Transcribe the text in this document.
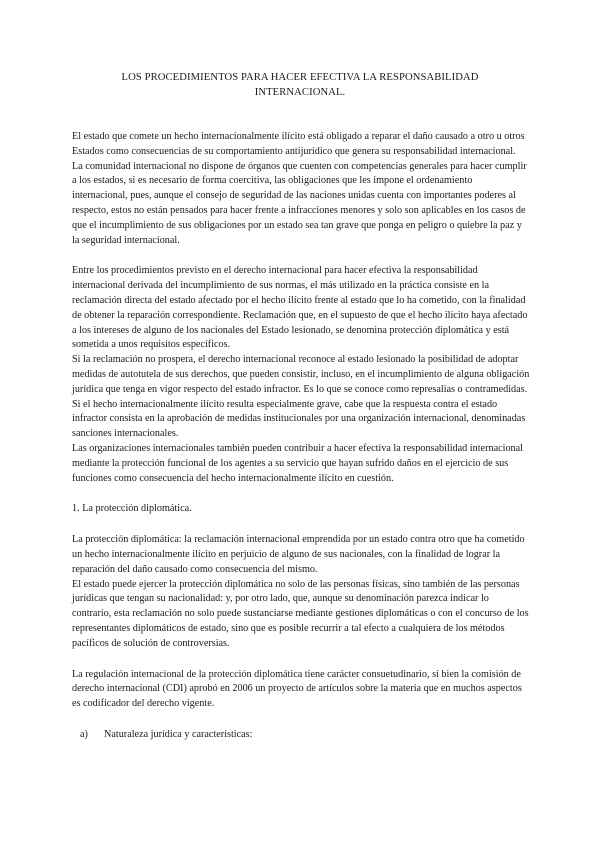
LOS PROCEDIMIENTOS PARA HACER EFECTIVA LA RESPONSABILIDAD
INTERNACIONAL.

El estado que comete un hecho internacionalmente ilícito está obligado a reparar el daño causado a otro u otros Estados como consecuencias de su comportamiento antijurídico que genera su responsabilidad internacional.

La comunidad internacional no dispone de órganos que cuenten con competencias generales para hacer cumplir a los estados, si es necesario de forma coercitiva, las obligaciones que les impone el ordenamiento internacional, pues, aunque el consejo de seguridad de las naciones unidas cuenta con importantes poderes al respecto, estos no están pensados para hacer frente a infracciones menores y solo son aplicables en los casos de que el incumplimiento de sus obligaciones por un estado sea tan grave que ponga en peligro o quiebre la paz y la seguridad internacional.

Entre los procedimientos previsto en el derecho internacional para hacer efectiva la responsabilidad internacional derivada del incumplimiento de sus normas, el más utilizado en la práctica consiste en la reclamación directa del estado afectado por el hecho ilícito frente al estado que lo ha cometido, con la finalidad de obtener la reparación correspondiente. Reclamación que, en el supuesto de que el hecho ilícito haya afectado a los intereses de alguno de los nacionales del Estado lesionado, se denomina protección diplomática y está sometida a unos requisitos específicos.

Si la reclamación no prospera, el derecho internacional reconoce al estado lesionado la posibilidad de adoptar medidas de autotutela de sus derechos, que pueden consistir, incluso, en el incumplimiento de alguna obligación jurídica que tenga en vigor respecto del estado infractor. Es lo que se conoce como represalias o contramedidas.

Si el hecho internacionalmente ilícito resulta especialmente grave, cabe que la respuesta contra el estado infractor consista en la aprobación de medidas institucionales por una organización internacional, denominadas sanciones internacionales.

Las organizaciones internacionales también pueden contribuir a hacer efectiva la responsabilidad internacional mediante la protección funcional de los agentes a su servicio que hayan sufrido daños en el ejercicio de sus funciones como consecuencia del hecho internacionalmente ilícito en cuestión.

1. La protección diplomática.

La protección diplomática: la reclamación internacional emprendida por un estado contra otro que ha cometido un hecho internacionalmente ilícito en perjuicio de alguno de sus nacionales, con la finalidad de lograr la reparación del daño causado como consecuencia del mismo.

El estado puede ejercer la protección diplomática no solo de las personas físicas, sino también de las personas jurídicas que tengan su nacionalidad: y, por otro lado, que, aunque su denominación parezca indicar lo contrario, esta reclamación no solo puede sustanciarse mediante gestiones diplomáticas o con el concurso de los representantes diplomáticos de estado, sino que es posible recurrir a tal efecto a cualquiera de los métodos pacíficos de solución de controversias.

La regulación internacional de la protección diplomática tiene carácter consuetudinario, si bien la comisión de derecho internacional (CDI) aprobó en 2006 un proyecto de artículos sobre la materia que en muchos aspectos es codificador del derecho vigente.

a) Naturaleza jurídica y características:
